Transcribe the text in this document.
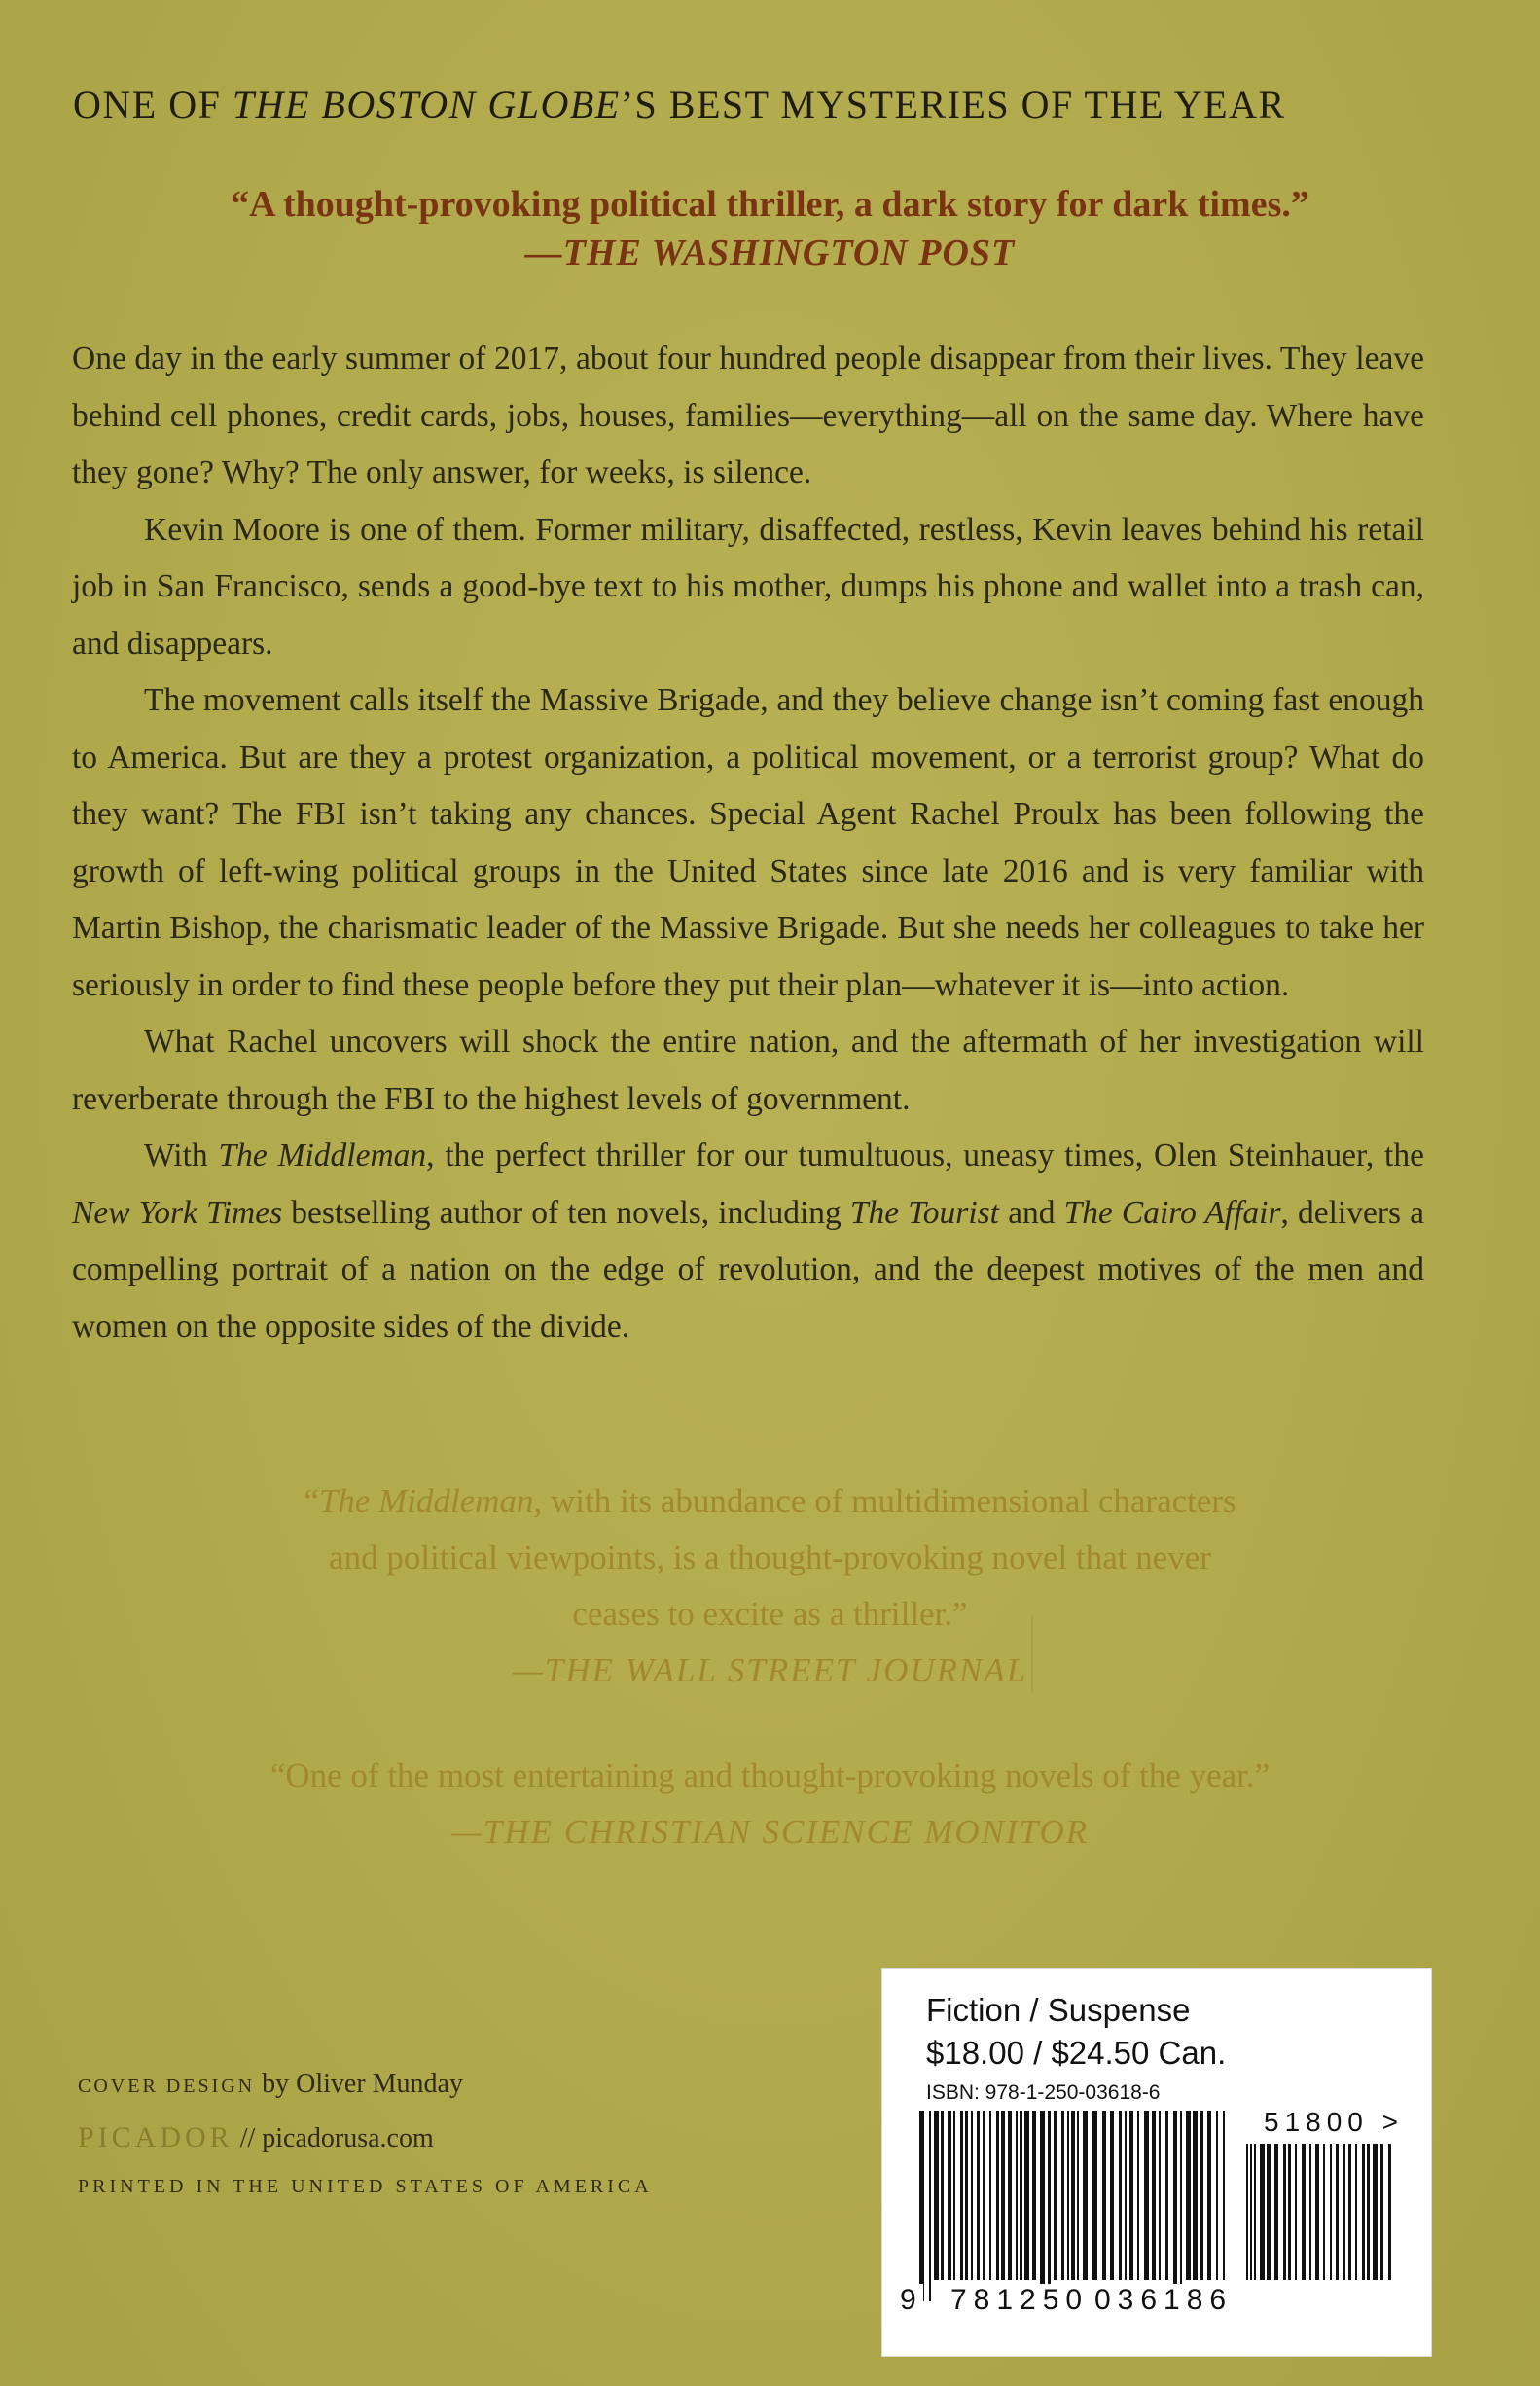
ONE OF THE BOSTON GLOBE’S BEST MYSTERIES OF THE YEAR
“A thought-provoking political thriller, a dark story for dark times.”
—THE WASHINGTON POST

One day in the early summer of 2017, about four hundred people disappear from their lives. They leave behind cell phones, credit cards, jobs, houses, families—everything—all on the same day. Where have they gone? Why? The only answer, for weeks, is silence.

Kevin Moore is one of them. Former military, disaffected, restless, Kevin leaves behind his retail job in San Francisco, sends a good-bye text to his mother, dumps his phone and wallet into a trash can, and disappears.

The movement calls itself the Massive Brigade, and they believe change isn’t coming fast enough to America. But are they a protest organization, a political movement, or a terrorist group? What do they want? The FBI isn’t taking any chances. Special Agent Rachel Proulx has been following the growth of left-wing political groups in the United States since late 2016 and is very familiar with Martin Bishop, the charismatic leader of the Massive Brigade. But she needs her colleagues to take her seriously in order to find these people before they put their plan—whatever it is—into action.

What Rachel uncovers will shock the entire nation, and the aftermath of her investigation will reverberate through the FBI to the highest levels of government.

With The Middleman, the perfect thriller for our tumultuous, uneasy times, Olen Steinhauer, the New York Times bestselling author of ten novels, including The Tourist and The Cairo Affair, delivers a compelling portrait of a nation on the edge of revolution, and the deepest motives of the men and women on the opposite sides of the divide.

“The Middleman, with its abundance of multidimensional characters
and political viewpoints, is a thought-provoking novel that never
ceases to excite as a thriller.”
—THE WALL STREET JOURNAL
“One of the most entertaining and thought-provoking novels of the year.”
—THE CHRISTIAN SCIENCE MONITOR
COVER DESIGN by Oliver Munday
PICADOR // picadorusa.com
PRINTED IN THE UNITED STATES OF AMERICA
Fiction / Suspense
$18.00 / $24.50 Can.
ISBN: 978-1-250-03618-6
51800 >
9 781250 036186
